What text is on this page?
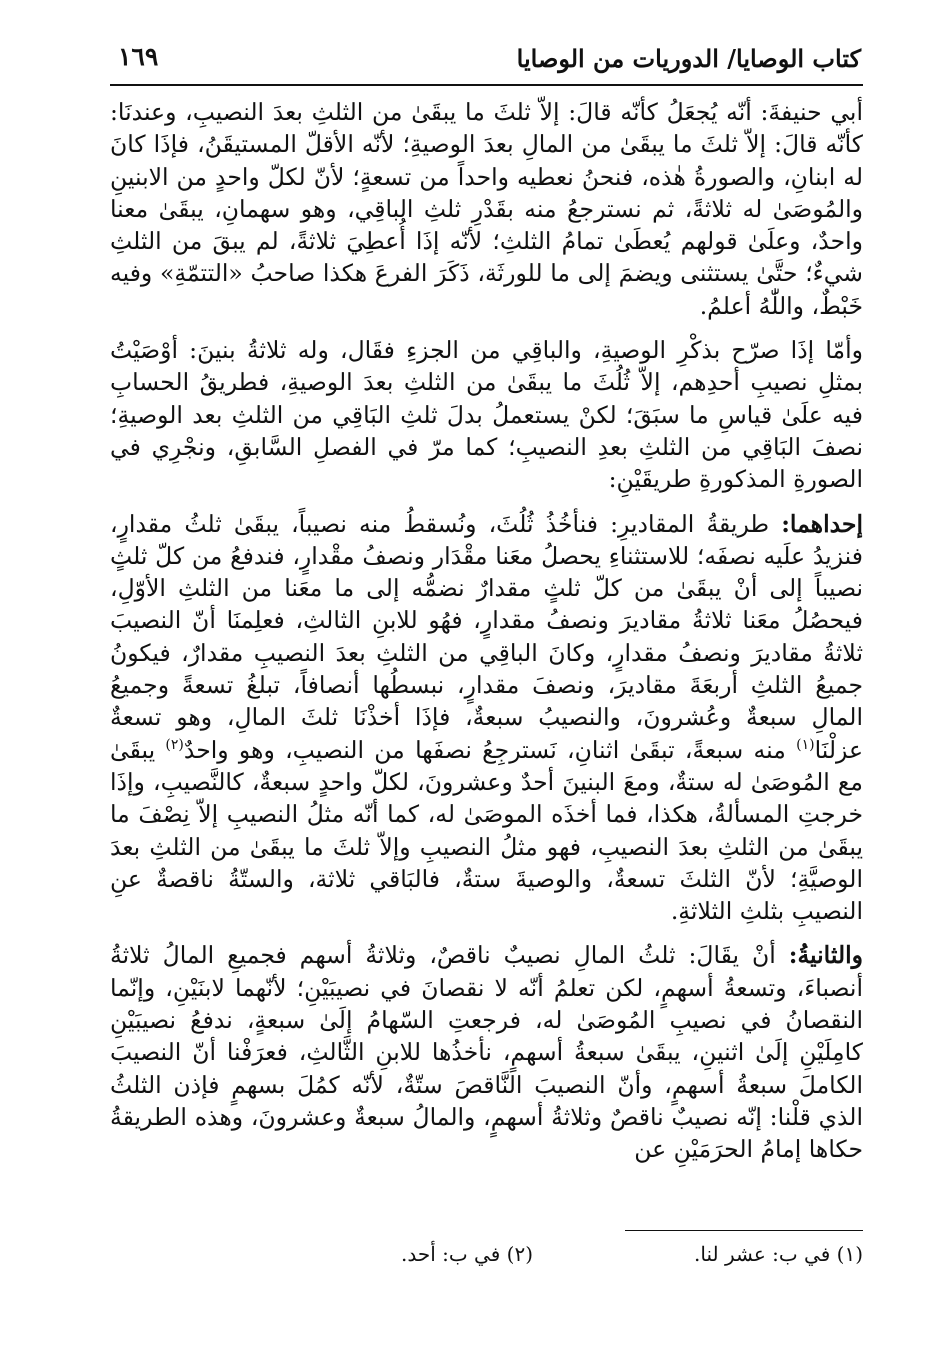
كتاب الوصايا/ الدوريات من الوصايا
١٦٩

أبي حنيفةَ: أنّه يُجعَلُ كأنّه قالَ: إلاّ ثلثَ ما يبقَىٰ من الثلثِ بعدَ النصيبِ، وعندنَا: كأنّه قالَ: إلاّ ثلثَ ما يبقَىٰ من المالِ بعدَ الوصيةِ؛ لأنّه الأقلّ المستيقَنُ، فإذَا كانَ له ابنانِ، والصورةُ هٰذه، فنحنُ نعطيه واحداً من تسعةٍ؛ لأنّ لكلّ واحدٍ من الابنينِ والمُوصَىٰ له ثلاثةً، ثم نسترجعُ منه بقَدْرِ ثلثِ الباقِي، وهو سهمانِ، يبقَىٰ معنا واحدٌ، وعلَىٰ قولهم يُعطَىٰ تمامُ الثلثِ؛ لأنّه إذَا أُعطِيَ ثلاثةً، لم يبقَ من الثلثِ شيءٌ؛ حتَّىٰ يستثنى ويضمَ إلى ما للورثَة، ذَكَرَ الفرعَ هكذا صاحبُ «التتمّةِ» وفيه خَبْطٌ، واللّٰهُ أعلمُ.

وأمّا إذَا صرّح بذكْرِ الوصيةِ، والباقِي من الجزءِ فقَال، وله ثلاثةُ بنينَ: أوْصَيْتُ بمثلِ نصيبِ أحدِهم، إلاّ ثُلُثَ ما يبقَىٰ من الثلثِ بعدَ الوصيةِ، فطريقُ الحسابِ فيه علَىٰ قياسِ ما سبَقَ؛ لكنْ يستعملُ بدلَ ثلثِ البَاقِي من الثلثِ بعد الوصيةِ؛ نصفَ البَاقِي من الثلثِ بعدِ النصيبِ؛ كما مرّ في الفصلِ السَّابقِ، ونجْرِي في الصورةِ المذكورةِ طريقَيْنِ:

إحداهما: طريقةُ المقاديرِ: فنأخُذُ ثُلُثَ، ونُسقطُ منه نصيباً، يبقَىٰ ثلثُ مقدارٍ، فنزيدُ علَيه نصفَه؛ للاستثناءِ يحصلُ معَنا مقْدَار ونصفُ مقْدارٍ، فندفعُ من كلّ ثلثٍ نصيباً إلى أنْ يبقَىٰ من كلّ ثلثٍ مقدارٌ نضمُّه إلى ما معَنا من الثلثِ الأوّلِ، فيحصُلُ معَنا ثلاثةُ مقاديرَ ونصفُ مقدارٍ، فهُو للابنِ الثالثِ، فعلِمنَا أنّ النصيبَ ثلاثةُ مقاديرَ ونصفُ مقدارٍ، وكانَ الباقِي من الثلثِ بعدَ النصيبِ مقدارٌ، فيكونُ جميعُ الثلثِ أربعَةَ مقاديرَ، ونصفَ مقدارٍ، نبسطُها أنصافاً، تبلغُ تسعةً وجميعُ المالِ سبعةٌ وعُشرونَ، والنصيبُ سبعةٌ، فإذَا أخذْنَا ثلثَ المالِ، وهو تسعةٌ عزلْنَا$^{(١)}$ منه سبعةً، تبقَىٰ اثنانِ، نَسترجِعُ نصفَها من النصيبِ، وهو واحدٌ$^{(٢)}$ يبقَىٰ مع المُوصَىٰ له ستةٌ، ومعَ البنينَ أحدٌ وعشرونَ، لكلّ واحدٍ سبعةٌ، كالنَّصيبِ، وإذَا خرجتِ المسألةُ، هكذا، فما أخذَه الموصَىٰ له، كما أنّه مثلُ النصيبِ إلاّ نِصْفَ ما يبقَىٰ من الثلثِ بعدَ النصيبِ، فهو مثلُ النصيبِ وإلاّ ثلثَ ما يبقَىٰ من الثلثِ بعدَ الوصيَّةِ؛ لأنّ الثلثَ تسعةٌ، والوصيةَ ستةٌ، فالبَاقي ثلاثة، والستّةُ ناقصةٌ عنِ النصيبِ بثلثِ الثلاثةِ.

والثانيةُ: أنْ يقَالَ: ثلثُ المالِ نصيبٌ ناقصٌ، وثلاثةُ أسهم فجميعِ المالُ ثلاثةُ أنصباءَ، وتسعةُ أسهمٍ، لكن تعلمُ أنّه لا نقصانَ في نصيبَيْنِ؛ لأنّهما لابنَيْنِ، وإنّما النقصانُ في نصيبِ المُوصَىٰ له، فرجعتِ السّهامُ إلَىٰ سبعةٍ، ندفعُ نصيبَيْنِ كامِلَيْنِ إلَىٰ اثنينِ، يبقَىٰ سبعةُ أسهمٍ، نأخذُها للابنِ الثَّالثِ، فعرَفْنا أنّ النصيبَ الكاملَ سبعةُ أسهمٍ، وأنّ النصيبَ النَّاقصَ ستّةٌ، لأنّه كمُلَ بسهمٍ فإذن الثلثُ الذي قلْنا: إنّه نصيبٌ ناقصٌ وثلاثةُ أسهمٍ، والمالُ سبعةٌ وعشرونَ، وهذه الطريقةُ حكاها إمامُ الحرَمَيْنِ عن

(١) في ب: عشر لنا.
(٢) في ب: أحد.
